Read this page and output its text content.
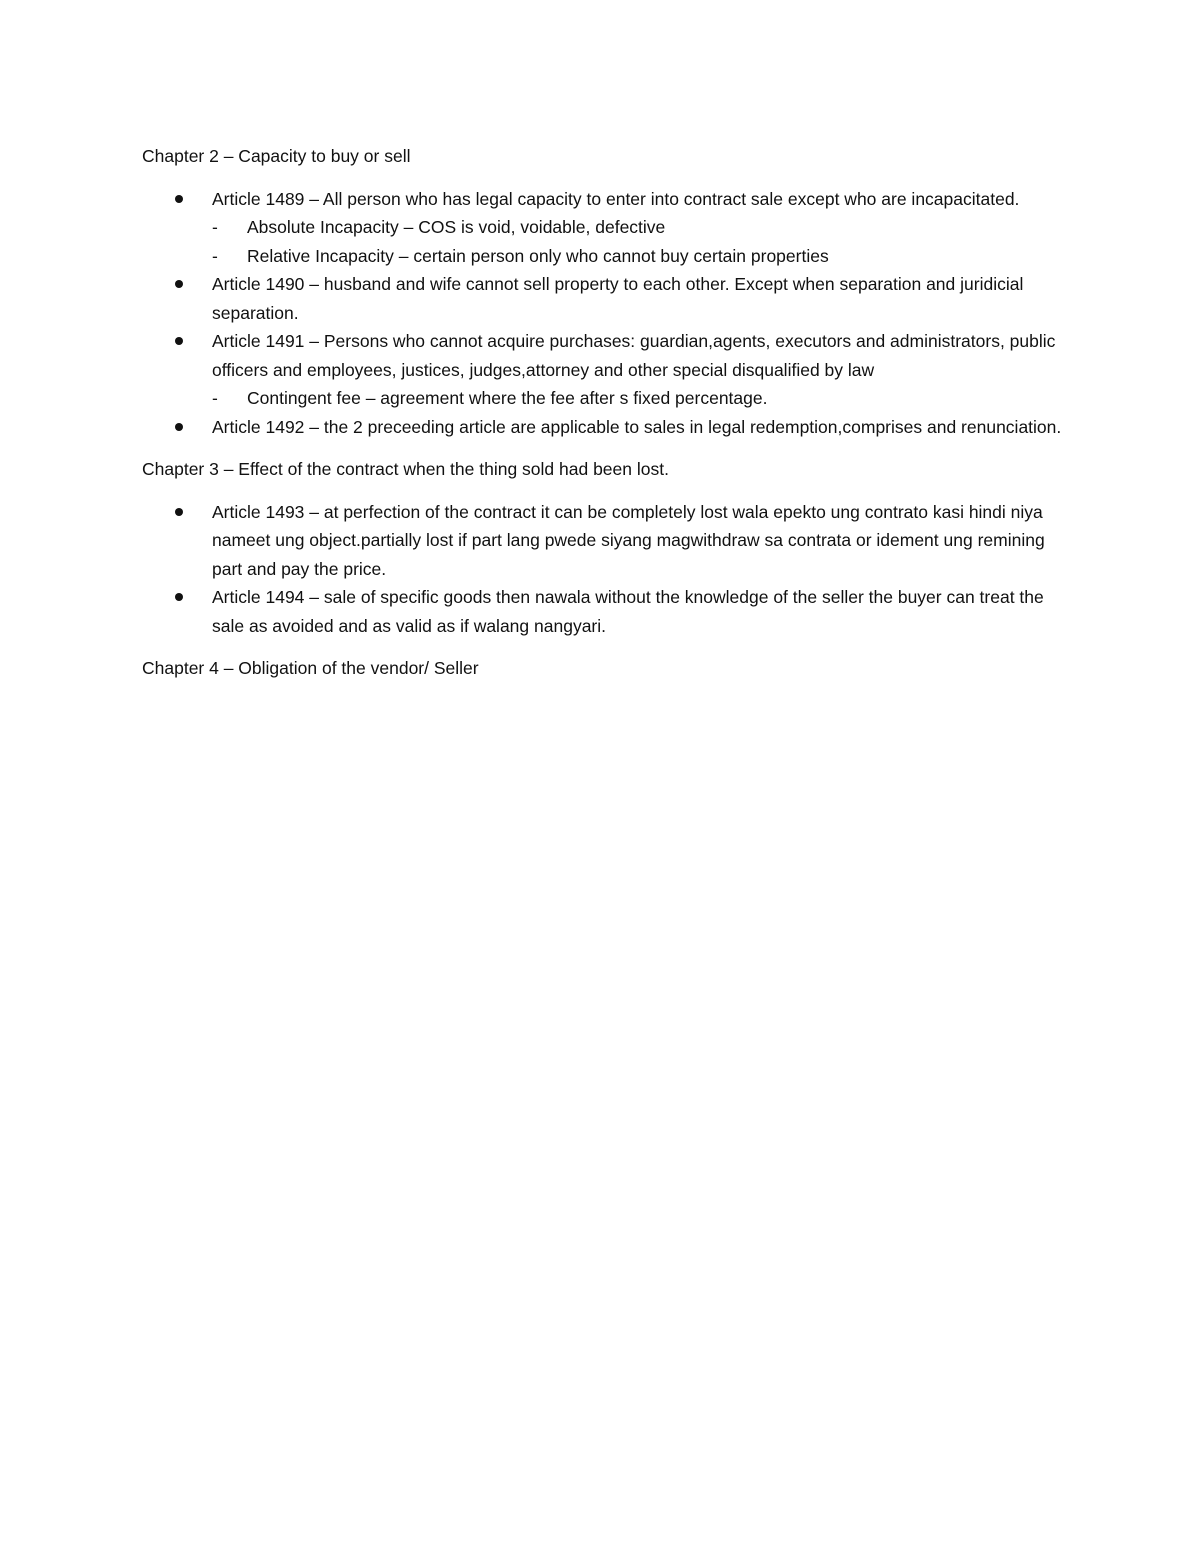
Chapter 2 – Capacity to buy or sell

Article 1489 – All person who has legal capacity to enter into contract sale except who are incapacitated.
- Absolute Incapacity – COS is void, voidable, defective
- Relative Incapacity – certain person only who cannot buy certain properties
Article 1490 – husband and wife cannot sell property to each other. Except when separation and juridicial separation.
Article 1491 – Persons who cannot acquire purchases: guardian,agents, executors and administrators, public officers and employees, justices, judges,attorney and other special disqualified by law
- Contingent fee – agreement where the fee after s fixed percentage.
Article 1492 – the 2 preceeding article are applicable to sales in legal redemption,comprises and renunciation.

Chapter 3 – Effect of the contract when the thing sold had been lost.

Article 1493 – at perfection of the contract it can be completely lost wala epekto ung contrato kasi hindi niya nameet ung object.partially lost if part lang pwede siyang magwithdraw sa contrata or idement ung remining part and pay the price.
Article 1494 – sale of specific goods then nawala without the knowledge of the seller the buyer can treat the sale as avoided and as valid as if walang nangyari.

Chapter 4 – Obligation of the vendor/ Seller
